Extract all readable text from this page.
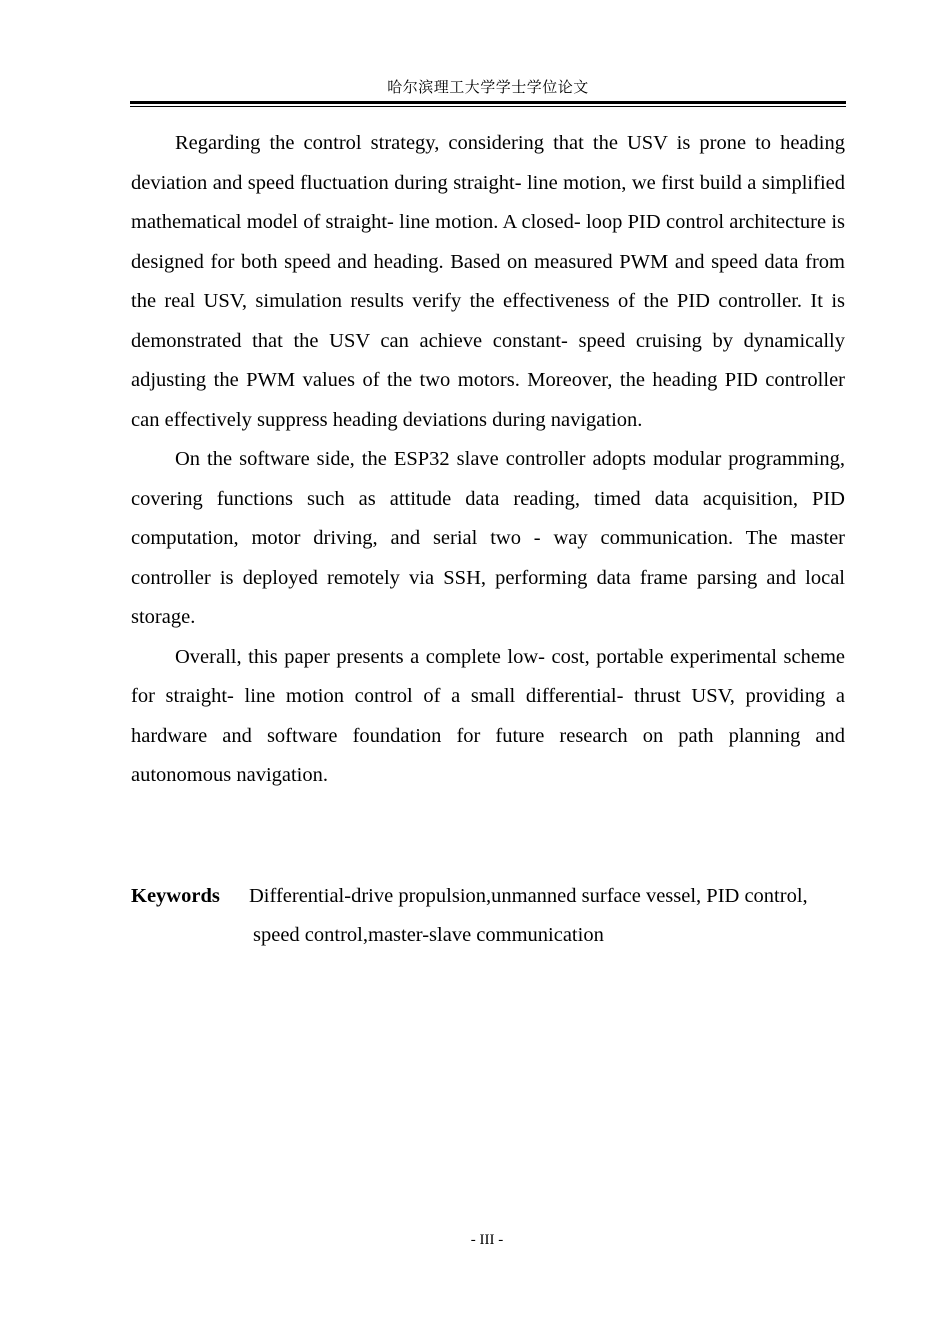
哈尔滨理工大学学士学位论文

Regarding the control strategy, considering that the USV is prone to heading deviation and speed fluctuation during straight- line motion, we first build a simplified mathematical model of straight- line motion. A closed- loop PID control architecture is designed for both speed and heading. Based on measured PWM and speed data from the real USV, simulation results verify the effectiveness of the PID controller. It is demonstrated that the USV can achieve constant- speed cruising by dynamically adjusting the PWM values of the two motors. Moreover, the heading PID controller can effectively suppress heading deviations during navigation.

On the software side, the ESP32 slave controller adopts modular programming, covering functions such as attitude data reading, timed data acquisition, PID computation, motor driving, and serial two - way communication. The master controller is deployed remotely via SSH, performing data frame parsing and local storage.

Overall, this paper presents a complete low- cost, portable experimental scheme for straight- line motion control of a small differential- thrust USV, providing a hardware and software foundation for future research on path planning and autonomous navigation.

Keywords Differential-drive propulsion,unmanned surface vessel, PID control,
speed control,master-slave communication
- III -
